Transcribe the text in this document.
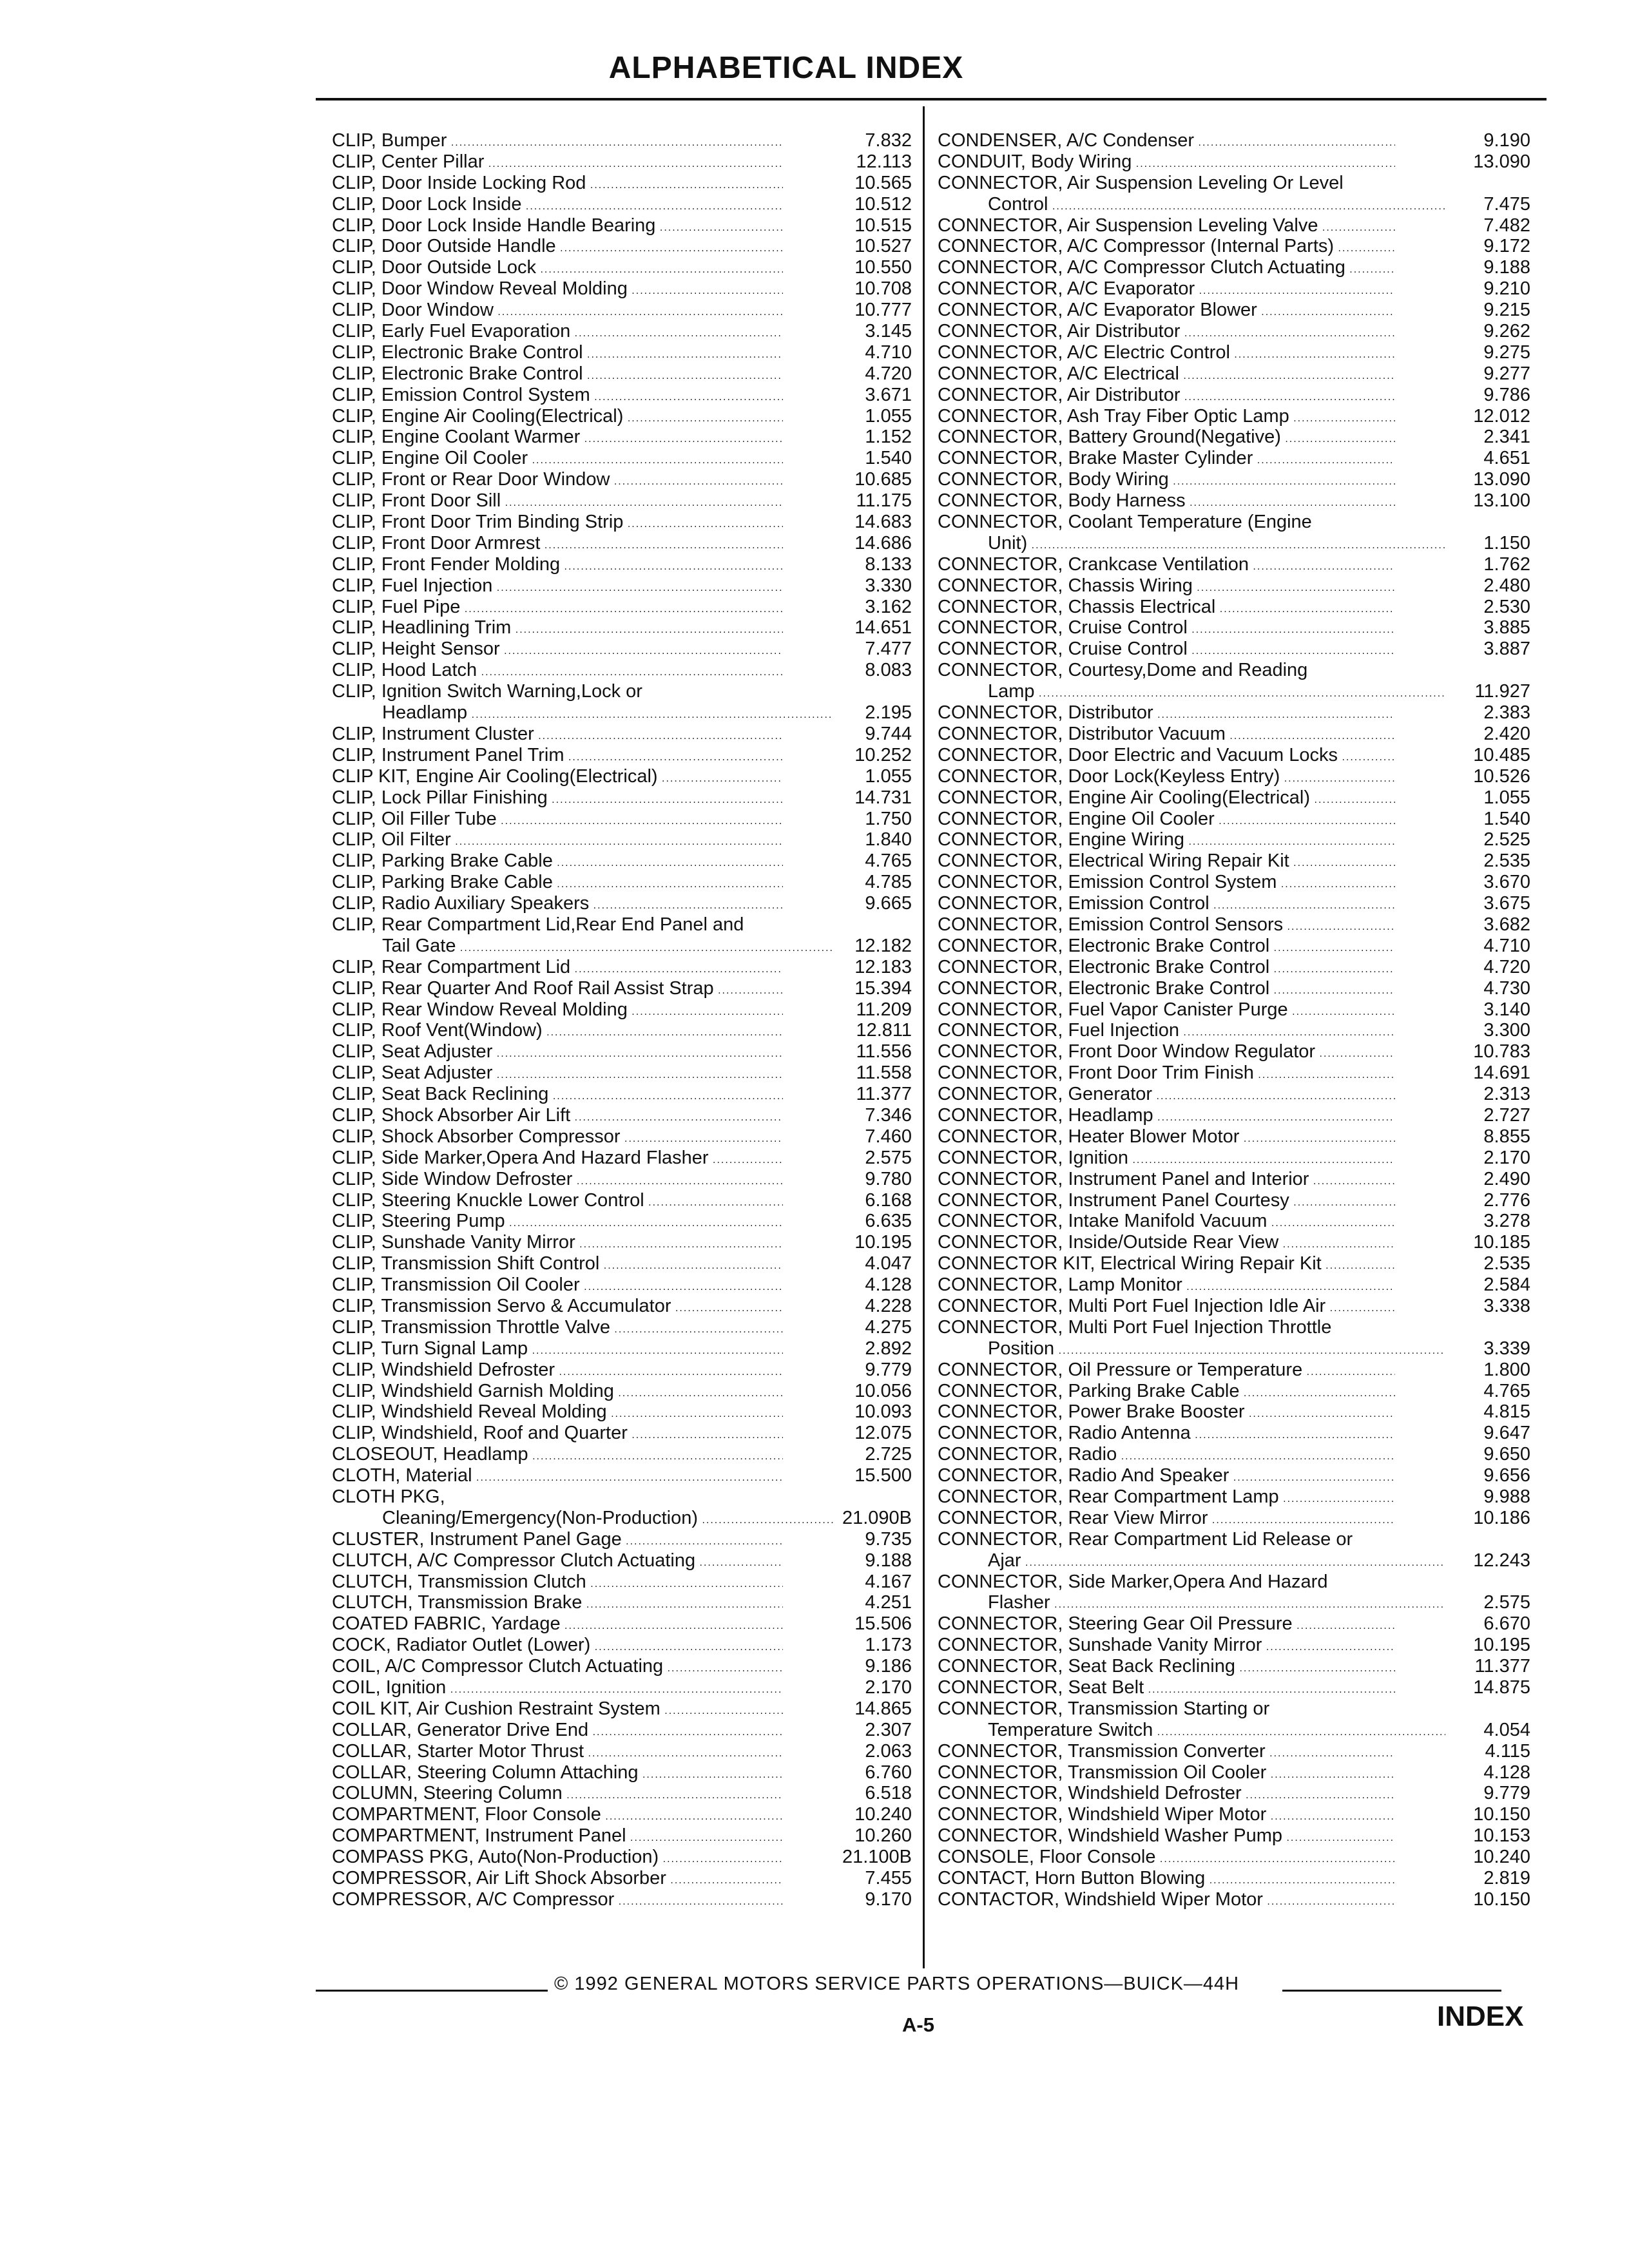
ALPHABETICAL INDEX
CLIP, Bumper .....	7.832
CLIP, Center Pillar .....	12.113
CLIP, Door Inside Locking Rod .....	10.565
CLIP, Door Lock Inside .....	10.512
CLIP, Door Lock Inside Handle Bearing .....	10.515
CLIP, Door Outside Handle .....	10.527
CLIP, Door Outside Lock .....	10.550
CLIP, Door Window Reveal Molding .....	10.708
CLIP, Door Window .....	10.777
CLIP, Early Fuel Evaporation .....	3.145
CLIP, Electronic Brake Control .....	4.710
CLIP, Electronic Brake Control .....	4.720
CLIP, Emission Control System .....	3.671
CLIP, Engine Air Cooling(Electrical) .....	1.055
CLIP, Engine Coolant Warmer .....	1.152
CLIP, Engine Oil Cooler .....	1.540
CLIP, Front or Rear Door Window .....	10.685
CLIP, Front Door Sill .....	11.175
CLIP, Front Door Trim Binding Strip .....	14.683
CLIP, Front Door Armrest .....	14.686
CLIP, Front Fender Molding .....	8.133
CLIP, Fuel Injection .....	3.330
CLIP, Fuel Pipe .....	3.162
CLIP, Headlining Trim .....	14.651
CLIP, Height Sensor .....	7.477
CLIP, Hood Latch .....	8.083
CLIP, Ignition Switch Warning,Lock or
Headlamp .....	2.195
CLIP, Instrument Cluster .....	9.744
CLIP, Instrument Panel Trim .....	10.252
CLIP KIT, Engine Air Cooling(Electrical) .....	1.055
CLIP, Lock Pillar Finishing .....	14.731
CLIP, Oil Filler Tube .....	1.750
CLIP, Oil Filter .....	1.840
CLIP, Parking Brake Cable .....	4.765
CLIP, Parking Brake Cable .....	4.785
CLIP, Radio Auxiliary Speakers .....	9.665
CLIP, Rear Compartment Lid,Rear End Panel and
Tail Gate .....	12.182
CLIP, Rear Compartment Lid .....	12.183
CLIP, Rear Quarter And Roof Rail Assist Strap .....	15.394
CLIP, Rear Window Reveal Molding .....	11.209
CLIP, Roof Vent(Window) .....	12.811
CLIP, Seat Adjuster .....	11.556
CLIP, Seat Adjuster .....	11.558
CLIP, Seat Back Reclining .....	11.377
CLIP, Shock Absorber Air Lift .....	7.346
CLIP, Shock Absorber Compressor .....	7.460
CLIP, Side Marker,Opera And Hazard Flasher .....	2.575
CLIP, Side Window Defroster .....	9.780
CLIP, Steering Knuckle Lower Control .....	6.168
CLIP, Steering Pump .....	6.635
CLIP, Sunshade Vanity Mirror .....	10.195
CLIP, Transmission Shift Control .....	4.047
CLIP, Transmission Oil Cooler .....	4.128
CLIP, Transmission Servo & Accumulator .....	4.228
CLIP, Transmission Throttle Valve .....	4.275
CLIP, Turn Signal Lamp .....	2.892
CLIP, Windshield Defroster .....	9.779
CLIP, Windshield Garnish Molding .....	10.056
CLIP, Windshield Reveal Molding .....	10.093
CLIP, Windshield, Roof and Quarter .....	12.075
CLOSEOUT, Headlamp .....	2.725
CLOTH, Material .....	15.500
CLOTH PKG,
Cleaning/Emergency(Non-Production) .....	21.090B
CLUSTER, Instrument Panel Gage .....	9.735
CLUTCH, A/C Compressor Clutch Actuating .....	9.188
CLUTCH, Transmission Clutch .....	4.167
CLUTCH, Transmission Brake .....	4.251
COATED FABRIC, Yardage .....	15.506
COCK, Radiator Outlet (Lower) .....	1.173
COIL, A/C Compressor Clutch Actuating .....	9.186
COIL, Ignition .....	2.170
COIL KIT, Air Cushion Restraint System .....	14.865
COLLAR, Generator Drive End .....	2.307
COLLAR, Starter Motor Thrust .....	2.063
COLLAR, Steering Column Attaching .....	6.760
COLUMN, Steering Column .....	6.518
COMPARTMENT, Floor Console .....	10.240
COMPARTMENT, Instrument Panel .....	10.260
COMPASS PKG, Auto(Non-Production) .....	21.100B
COMPRESSOR, Air Lift Shock Absorber .....	7.455
COMPRESSOR, A/C Compressor .....	9.170
CONDENSER, A/C Condenser .....	9.190
CONDUIT, Body Wiring .....	13.090
CONNECTOR, Air Suspension Leveling Or Level
Control .....	7.475
CONNECTOR, Air Suspension Leveling Valve .....	7.482
CONNECTOR, A/C Compressor (Internal Parts) .....	9.172
CONNECTOR, A/C Compressor Clutch Actuating .....	9.188
CONNECTOR, A/C Evaporator .....	9.210
CONNECTOR, A/C Evaporator Blower .....	9.215
CONNECTOR, Air Distributor .....	9.262
CONNECTOR, A/C Electric Control .....	9.275
CONNECTOR, A/C Electrical .....	9.277
CONNECTOR, Air Distributor .....	9.786
CONNECTOR, Ash Tray Fiber Optic Lamp .....	12.012
CONNECTOR, Battery Ground(Negative) .....	2.341
CONNECTOR, Brake Master Cylinder .....	4.651
CONNECTOR, Body Wiring .....	13.090
CONNECTOR, Body Harness .....	13.100
CONNECTOR, Coolant Temperature (Engine
Unit) .....	1.150
CONNECTOR, Crankcase Ventilation .....	1.762
CONNECTOR, Chassis Wiring .....	2.480
CONNECTOR, Chassis Electrical .....	2.530
CONNECTOR, Cruise Control .....	3.885
CONNECTOR, Cruise Control .....	3.887
CONNECTOR, Courtesy,Dome and Reading
Lamp .....	11.927
CONNECTOR, Distributor .....	2.383
CONNECTOR, Distributor Vacuum .....	2.420
CONNECTOR, Door Electric and Vacuum Locks .....	10.485
CONNECTOR, Door Lock(Keyless Entry) .....	10.526
CONNECTOR, Engine Air Cooling(Electrical) .....	1.055
CONNECTOR, Engine Oil Cooler .....	1.540
CONNECTOR, Engine Wiring .....	2.525
CONNECTOR, Electrical Wiring Repair Kit .....	2.535
CONNECTOR, Emission Control System .....	3.670
CONNECTOR, Emission Control .....	3.675
CONNECTOR, Emission Control Sensors .....	3.682
CONNECTOR, Electronic Brake Control .....	4.710
CONNECTOR, Electronic Brake Control .....	4.720
CONNECTOR, Electronic Brake Control .....	4.730
CONNECTOR, Fuel Vapor Canister Purge .....	3.140
CONNECTOR, Fuel Injection .....	3.300
CONNECTOR, Front Door Window Regulator .....	10.783
CONNECTOR, Front Door Trim Finish .....	14.691
CONNECTOR, Generator .....	2.313
CONNECTOR, Headlamp .....	2.727
CONNECTOR, Heater Blower Motor .....	8.855
CONNECTOR, Ignition .....	2.170
CONNECTOR, Instrument Panel and Interior .....	2.490
CONNECTOR, Instrument Panel Courtesy .....	2.776
CONNECTOR, Intake Manifold Vacuum .....	3.278
CONNECTOR, Inside/Outside Rear View .....	10.185
CONNECTOR KIT, Electrical Wiring Repair Kit .....	2.535
CONNECTOR, Lamp Monitor .....	2.584
CONNECTOR, Multi Port Fuel Injection Idle Air .....	3.338
CONNECTOR, Multi Port Fuel Injection Throttle
Position .....	3.339
CONNECTOR, Oil Pressure or Temperature .....	1.800
CONNECTOR, Parking Brake Cable .....	4.765
CONNECTOR, Power Brake Booster .....	4.815
CONNECTOR, Radio Antenna .....	9.647
CONNECTOR, Radio .....	9.650
CONNECTOR, Radio And Speaker .....	9.656
CONNECTOR, Rear Compartment Lamp .....	9.988
CONNECTOR, Rear View Mirror .....	10.186
CONNECTOR, Rear Compartment Lid Release or
Ajar .....	12.243
CONNECTOR, Side Marker,Opera And Hazard
Flasher .....	2.575
CONNECTOR, Steering Gear Oil Pressure .....	6.670
CONNECTOR, Sunshade Vanity Mirror .....	10.195
CONNECTOR, Seat Back Reclining .....	11.377
CONNECTOR, Seat Belt .....	14.875
CONNECTOR, Transmission Starting or
Temperature Switch .....	4.054
CONNECTOR, Transmission Converter .....	4.115
CONNECTOR, Transmission Oil Cooler .....	4.128
CONNECTOR, Windshield Defroster .....	9.779
CONNECTOR, Windshield Wiper Motor .....	10.150
CONNECTOR, Windshield Washer Pump .....	10.153
CONSOLE, Floor Console .....	10.240
CONTACT, Horn Button Blowing .....	2.819
CONTACTOR, Windshield Wiper Motor .....	10.150
© 1992 GENERAL MOTORS SERVICE PARTS OPERATIONS—BUICK—44H
A-5	INDEX
